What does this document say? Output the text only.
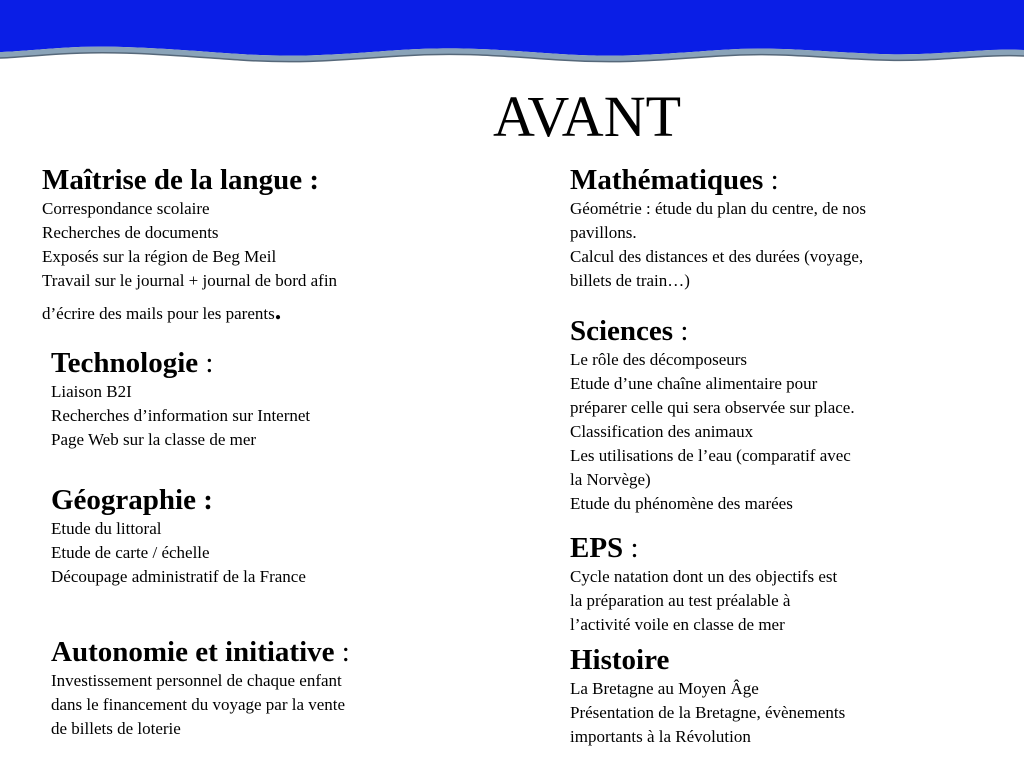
AVANT
Maîtrise de la langue :
Correspondance scolaire
Recherches de documents
Exposés sur la région de Beg Meil
Travail sur le journal + journal de bord afin
d’écrire des mails pour les parents.
Technologie :
Liaison B2I
Recherches d’information sur Internet
Page Web sur la classe de mer
Géographie :
Etude du littoral
Etude de carte / échelle
Découpage administratif de la France
Autonomie et initiative :
Investissement personnel de chaque enfant
dans le financement du voyage par la vente
de billets de loterie
Mathématiques :
Géométrie : étude du plan du centre, de nos
pavillons.
Calcul des distances et des durées (voyage,
billets de train…)
Sciences :
Le rôle des décomposeurs
Etude d’une chaîne alimentaire pour
préparer celle qui sera observée sur place.
Classification des animaux
Les utilisations de l’eau (comparatif avec
la Norvège)
Etude du phénomène des marées
EPS :
Cycle natation dont un des objectifs est
la préparation au test préalable à
l’activité voile en classe de mer
Histoire
La Bretagne au Moyen Âge
Présentation de la Bretagne, évènements
importants à la Révolution
